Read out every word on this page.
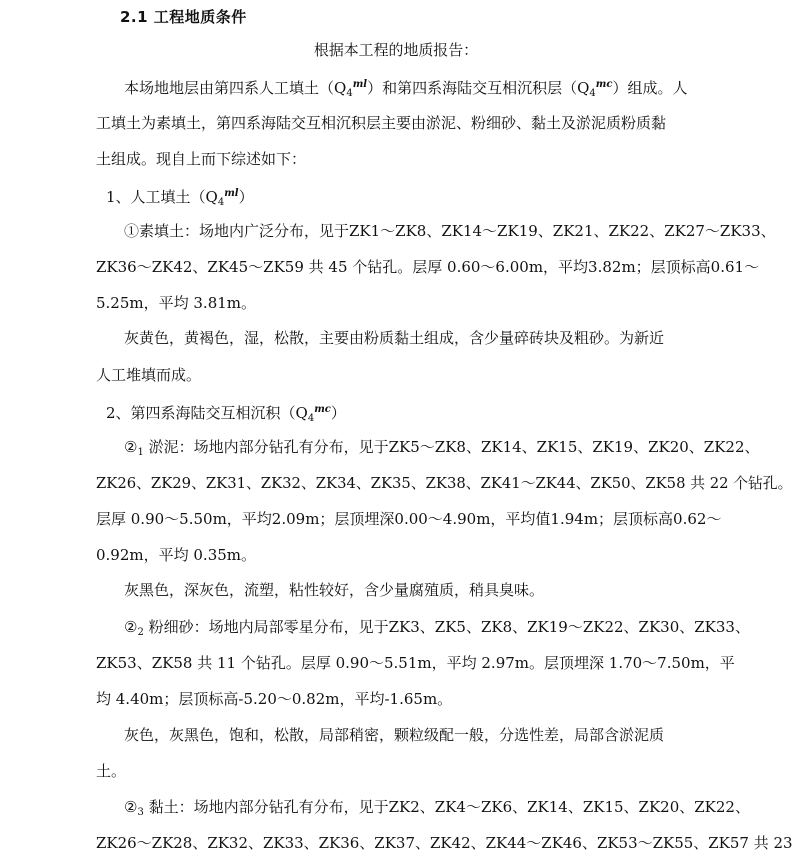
2.1 工程地质条件
根据本工程的地质报告：
本场地地层由第四系人工填土$(Q_4^{ml})$和第四系海陆交互相沉积层$(Q_4^{mc})$组成。人
工填土为素填土，第四系海陆交互相沉积层主要由淤泥、粉细砂、黏土及淤泥质粉质黏
土组成。现自上而下综述如下：
1、人工填土$(Q_4^{ml})$
①素填土：场地内广泛分布，见于ZK1～ZK8、ZK14～ZK19、ZK21、ZK22、ZK27～ZK33、
ZK36～ZK42、ZK45～ZK59 共 45 个钻孔。层厚 0.60～6.00m，平均3.82m；层顶标高0.61～
5.25m，平均 3.81m。
灰黄色，黄褐色，湿，松散，主要由粉质黏土组成，含少量碎砖块及粗砂。为新近
人工堆填而成。
2、第四系海陆交互相沉积$(Q_4^{mc})$
$②_1$ 淤泥：场地内部分钻孔有分布，见于ZK5～ZK8、ZK14、ZK15、ZK19、ZK20、ZK22、
ZK26、ZK29、ZK31、ZK32、ZK34、ZK35、ZK38、ZK41～ZK44、ZK50、ZK58 共 22 个钻孔。
层厚 0.90～5.50m，平均2.09m；层顶埋深0.00～4.90m，平均值1.94m；层顶标高0.62～
0.92m，平均 0.35m。
灰黑色，深灰色，流塑，粘性较好，含少量腐殖质，稍具臭味。
$②_2$ 粉细砂：场地内局部零星分布，见于ZK3、ZK5、ZK8、ZK19～ZK22、ZK30、ZK33、
ZK53、ZK58 共 11 个钻孔。层厚 0.90～5.51m，平均 2.97m。层顶埋深 1.70～7.50m，平
均 4.40m；层顶标高-5.20～0.82m，平均-1.65m。
灰色，灰黑色，饱和，松散，局部稍密，颗粒级配一般，分选性差，局部含淤泥质
土。
$②_3$ 黏土：场地内部分钻孔有分布，见于ZK2、ZK4～ZK6、ZK14、ZK15、ZK20、ZK22、
ZK26～ZK28、ZK32、ZK33、ZK36、ZK37、ZK42、ZK44～ZK46、ZK53～ZK55、ZK57 共 23
